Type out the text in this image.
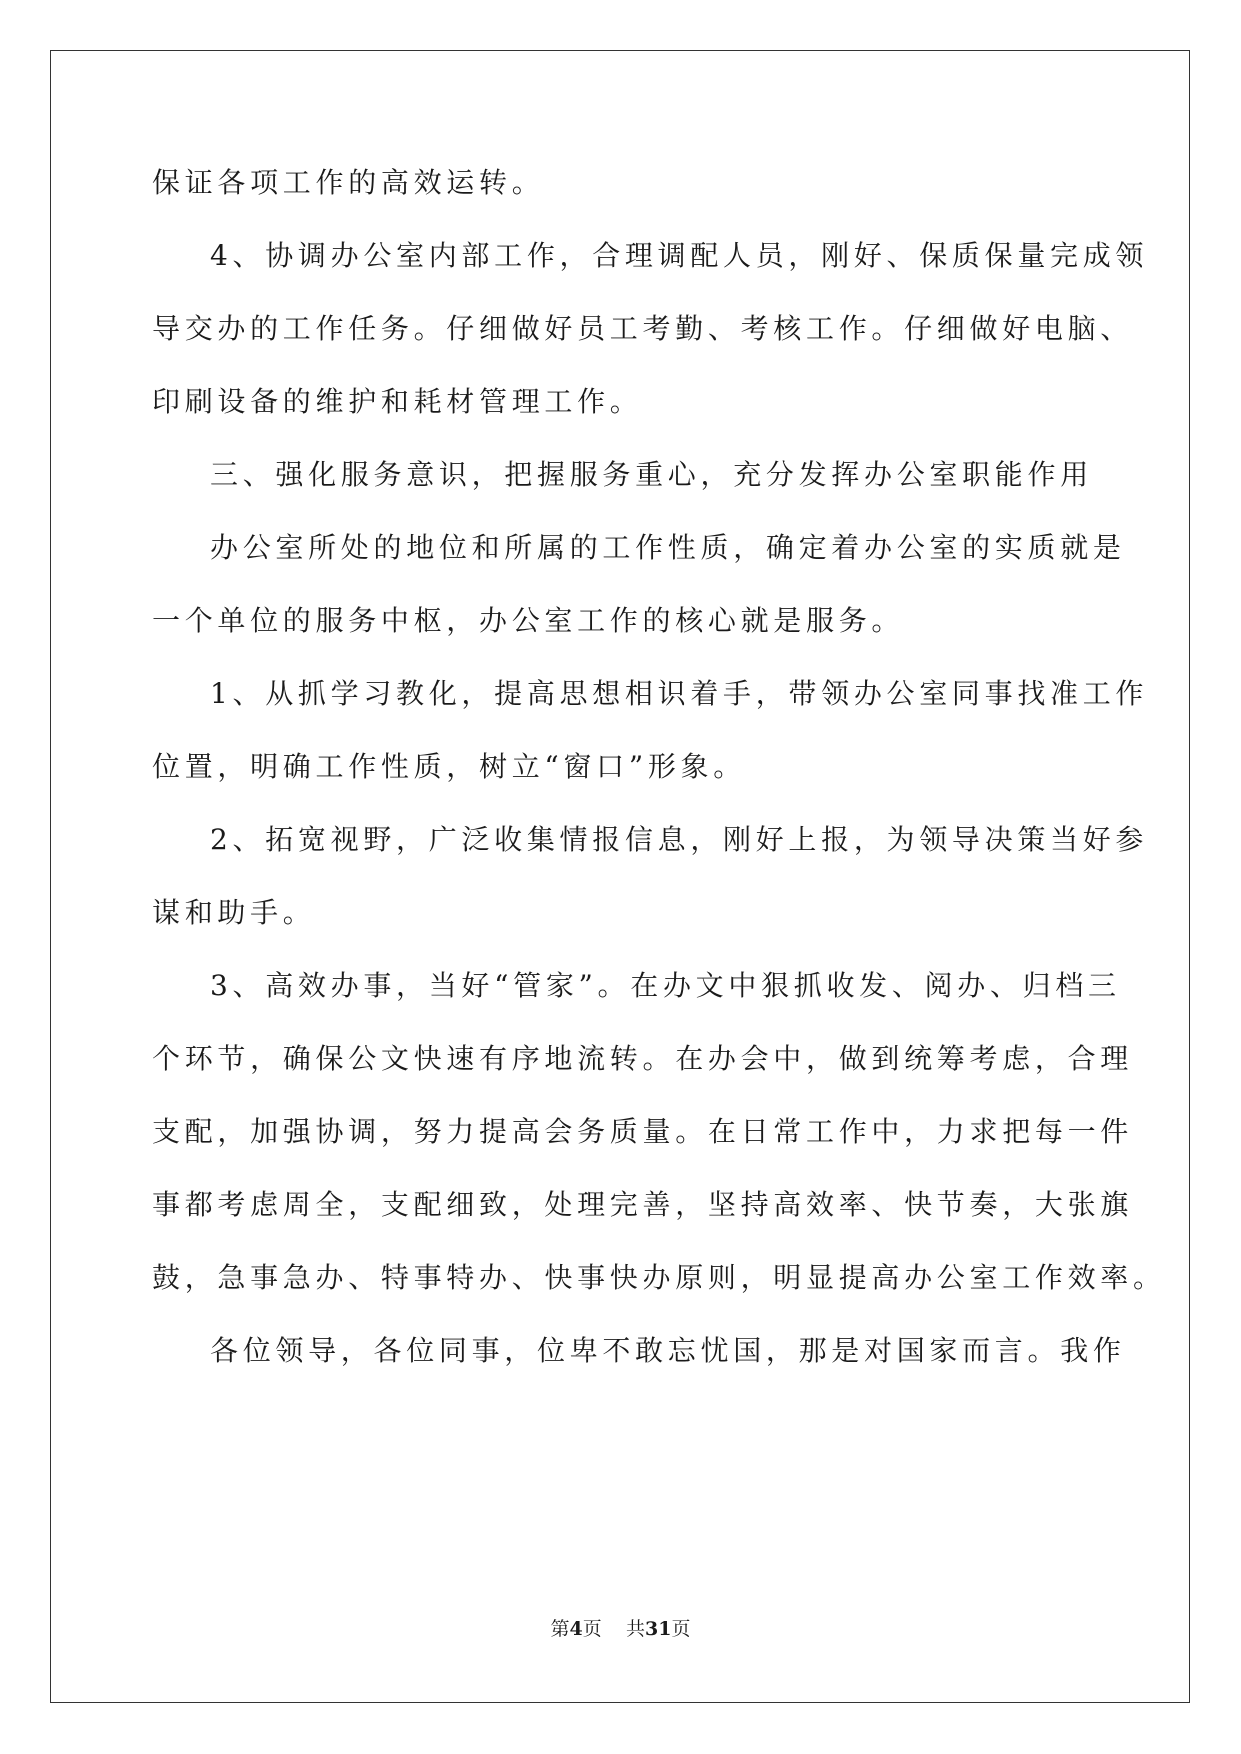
保证各项工作的高效运转。
4、协调办公室内部工作，合理调配人员，刚好、保质保量完成领
导交办的工作任务。仔细做好员工考勤、考核工作。仔细做好电脑、
印刷设备的维护和耗材管理工作。
三、强化服务意识，把握服务重心，充分发挥办公室职能作用
办公室所处的地位和所属的工作性质，确定着办公室的实质就是
一个单位的服务中枢，办公室工作的核心就是服务。
1、从抓学习教化，提高思想相识着手，带领办公室同事找准工作
位置，明确工作性质，树立“窗口”形象。
2、拓宽视野，广泛收集情报信息，刚好上报，为领导决策当好参
谋和助手。
3、高效办事，当好“管家”。在办文中狠抓收发、阅办、归档三
个环节，确保公文快速有序地流转。在办会中，做到统筹考虑，合理
支配，加强协调，努力提高会务质量。在日常工作中，力求把每一件
事都考虑周全，支配细致，处理完善，坚持高效率、快节奏，大张旗
鼓，急事急办、特事特办、快事快办原则，明显提高办公室工作效率。
各位领导，各位同事，位卑不敢忘忧国，那是对国家而言。我作
第4页 共31页
